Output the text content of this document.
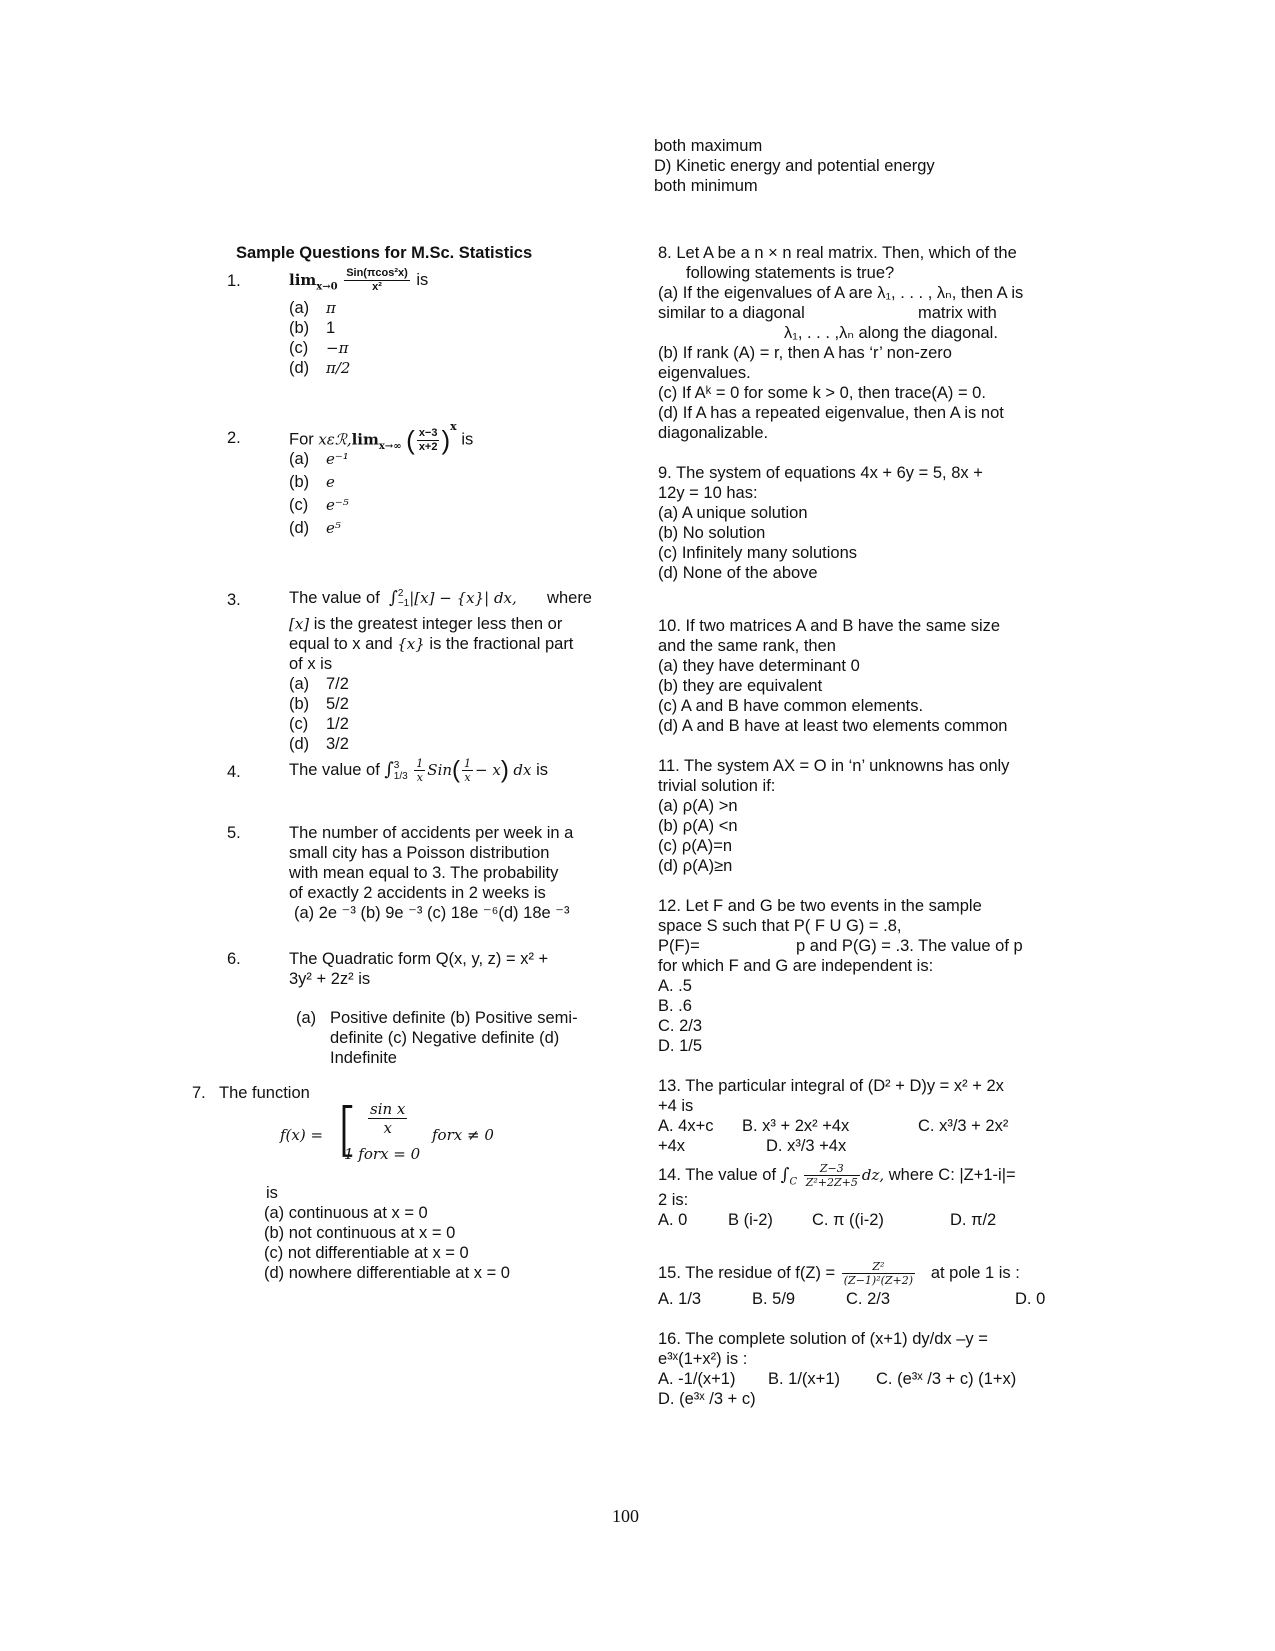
both maximum
D) Kinetic energy and potential energy
both minimum
Sample Questions for M.Sc. Statistics
1.	$\lim_{x\to 0} \frac{\text{Sin(πcos²x)}}{\text{x²}}$ is
(a) π
(b) 1
(c) −π
(d) π/2
2.	For $x\varepsilon ℛ,\lim_{x\to\infty}$ ( $\frac{x-3}{x+2} )^x$ is
(a) e⁻¹
(b) e
(c) e⁻⁵
(d) e⁵
3.	The value of ∫ 2
−1 |[x] − {x}| dx, where
[x] is the greatest integer less then or
equal to x and {x} is the fractional part
of x is
(a) 7/2
(b) 5/2
(c) 1/2
(d) 3/2
4.	The value of ∫ 3
1/3
$\frac{1}{x} Sin( \frac{1}{x} - x)$ dx is
5.	The number of accidents per week in a
small city has a Poisson distribution
with mean equal to 3. The probability
of exactly 2 accidents in 2 weeks is
(a) 2e ⁻³ (b) 9e ⁻³ (c) 18e ⁻⁶(d) 18e ⁻³
6.	The Quadratic form Q(x, y, z) = x² +
3y² + 2z² is
(a) Positive definite (b) Positive semi-
definite (c) Negative definite (d)
Indefinite
7. The function
f(x) = [ $\frac{\text{sin x}}{x}$ forx ≠ 0
1 forx = 0
is
(a) continuous at x = 0
(b) not continuous at x = 0
(c) not differentiable at x = 0
(d) nowhere differentiable at x = 0
8. Let A be a n × n real matrix. Then, which of the
following statements is true?
(a) If the eigenvalues of A are λ₁, . . . , λₙ, then A is
similar to a diagonal	matrix with
λ₁, . . . ,λₙ along the diagonal.
(b) If rank (A) = r, then A has ‘r’ non-zero
eigenvalues.
(c) If Aᵏ = 0 for some k > 0, then trace(A) = 0.
(d) If A has a repeated eigenvalue, then A is not
diagonalizable.
9. The system of equations 4x + 6y = 5, 8x +
12y = 10 has:
(a) A unique solution
(b) No solution
(c) Infinitely many solutions
(d) None of the above
10. If two matrices A and B have the same size
and the same rank, then
(a) they have determinant 0
(b) they are equivalent
(c) A and B have common elements.
(d) A and B have at least two elements common
11. The system AX = O in ‘n’ unknowns has only
trivial solution if:
(a) ρ(A) >n
(b) ρ(A) <n
(c) ρ(A)=n
(d) ρ(A)≥n
12. Let F and G be two events in the sample
space S such that P( F U G) = .8,
P(F)=	p and P(G) = .3. The value of p
for which F and G are independent is:
A. .5
B. .6
C. 2/3
D. 1/5
13. The particular integral of (D² + D)y = x² + 2x
+4 is
A. 4x+c B. x³ + 2x² +4x	C. x³/3 + 2x²
+4x	D. x³/3 +4x
14. The value of $\int_C \frac{Z-3}{\text{Z²+2Z+5}}$ dz, where C: |Z+1-i|=
2 is:
A. 0 B (i-2) C. π ((i-2)	D. π/2
15. The residue of $f(Z) = \frac{\text{Z²}}{\text{(Z−1)²(Z+2)}}$ at pole 1 is :
A. 1/3	B. 5/9	C. 2/3	D. 0
16. The complete solution of (x+1) dy/dx –y =
e³ˣ(1+x²) is :
A. -1/(x+1) B. 1/(x+1) C. (e³ˣ /3 + c) (1+x)
D. (e³ˣ /3 + c)
100
